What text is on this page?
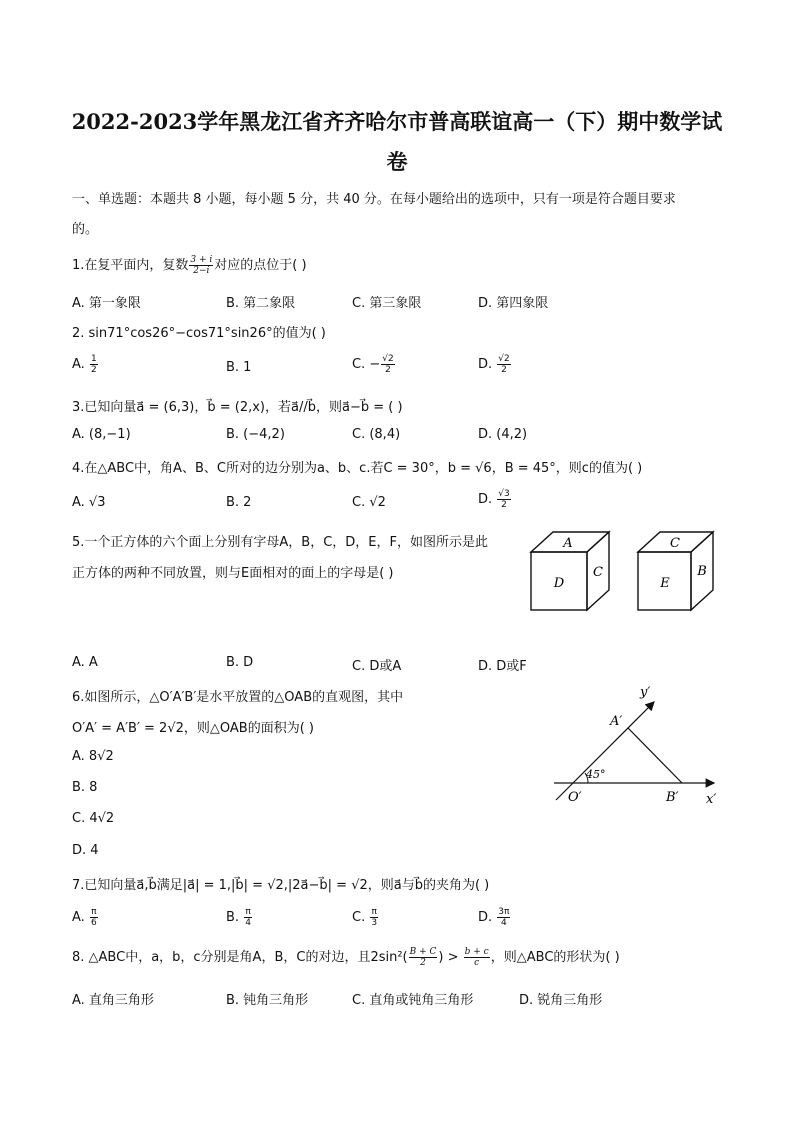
2022-2023学年黑龙江省齐齐哈尔市普高联谊高一（下）期中数学试
卷
一、单选题：本题共 8 小题，每小题 5 分，共 40 分。在每小题给出的选项中，只有一项是符合题目要求
的。
1.在复平面内，复数 $\frac{3 + i}{2-i}$ 对应的点位于( )
A. 第一象限	B. 第二象限	C. 第三象限	D. 第四象限
2. sin71°cos26°−cos71°sin26°的值为( )
A. $\frac{1}{2}$	B. 1	C. − $\frac{√2}{2}$	D. $\frac{√2}{2}$
3.已知向量a⃗ = (6,3)，b⃗ = (2,x)，若a⃗//b⃗，则a⃗−b⃗ = ( )
A. (8,−1)	B. (−4,2)	C. (8,4)	D. (4,2)
4.在△ABC中，角A、B、C所对的边分别为a、b、c.若C = 30°，b = √6，B = 45°，则c的值为( )
A. √3	B. 2	C. √2	D. $\frac{√3}{2}$
5.一个正方体的六个面上分别有字母A，B，C，D，E，F，如图所示是此
正方体的两种不同放置，则与E面相对的面上的字母是( )
A
D
C
C
E
B
A. A	B. D	C. D或A	D. D或F
6.如图所示，△O′A′B′是水平放置的△OAB的直观图，其中
O′A′ = A′B′ = 2√2，则△OAB的面积为( )
y′
A′
45°
O′	B′ x′
A. 8√2
B. 8
C. 4√2
D. 4
7.已知向量a⃗,b⃗满足|a⃗| = 1,|b⃗| = √2,|2a⃗−b⃗| = √2，则a⃗与b⃗的夹角为( )
A. $\frac{\pi}{6}$	B. $\frac{\pi}{4}$	C. $\frac{\pi}{3}$	D. $\frac{3\pi}{4}$
8. △ABC中，a，b，c分别是角A，B，C的对边，且$2\sin^2( \frac{B + C}{2}$ ) > $\frac{b + c}{c}$ ，则△ABC的形状为( )
A. 直角三角形	B. 钝角三角形	C. 直角或钝角三角形	D. 锐角三角形
